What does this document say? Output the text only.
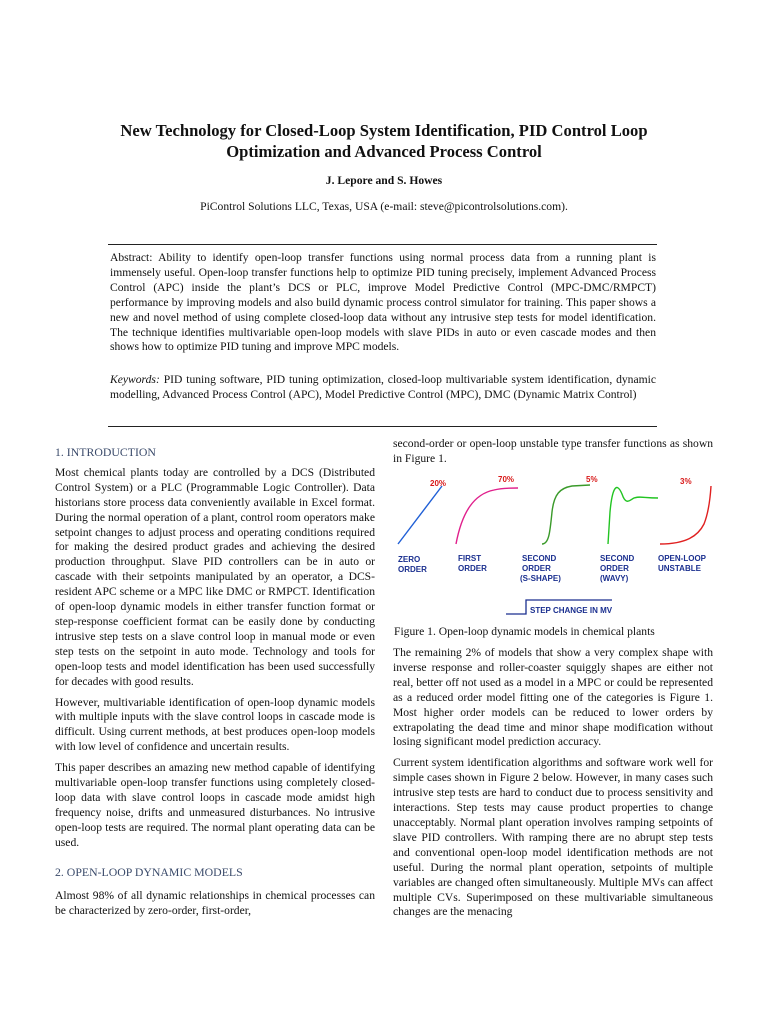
New Technology for Closed-Loop System Identification, PID Control Loop
Optimization and Advanced Process Control
J. Lepore and S. Howes
PiControl Solutions LLC, Texas, USA (e-mail: steve@picontrolsolutions.com).
Abstract: Ability to identify open-loop transfer functions using normal process data from a running plant is immensely useful. Open-loop transfer functions help to optimize PID tuning precisely, implement Advanced Process Control (APC) inside the plant’s DCS or PLC, improve Model Predictive Control (MPC-DMC/RMPCT) performance by improving models and also build dynamic process control simulator for training. This paper shows a new and novel method of using complete closed-loop data without any intrusive step tests for model identification. The technique identifies multivariable open-loop models with slave PIDs in auto or even cascade modes and then shows how to optimize PID tuning and improve MPC models.
Keywords: PID tuning software, PID tuning optimization, closed-loop multivariable system identification, dynamic modelling, Advanced Process Control (APC), Model Predictive Control (MPC), DMC (Dynamic Matrix Control)

1. INTRODUCTION

Most chemical plants today are controlled by a DCS (Distributed Control System) or a PLC (Programmable Logic Controller). Data historians store process data conveniently available in Excel format. During the normal operation of a plant, control room operators make setpoint changes to adjust process and operating conditions required for making the desired product grades and achieving the desired production throughput. Slave PID controllers can be in auto or cascade with their setpoints manipulated by an operator, a DCS-resident APC scheme or a MPC like DMC or RMPCT. Identification of open-loop dynamic models in either transfer function format or step-response coefficient format can be easily done by conducting intrusive step tests on a slave control loop in manual mode or even step tests on the setpoint in auto mode. Technology and tools for open-loop tests and model identification has been used successfully for decades with good results.

However, multivariable identification of open-loop dynamic models with multiple inputs with the slave control loops in cascade mode is difficult. Using current methods, at best produces open-loop models with low level of confidence and uncertain results.

This paper describes an amazing new method capable of identifying multivariable open-loop transfer functions using completely closed-loop data with slave control loops in cascade mode amidst high frequency noise, drifts and unmeasured disturbances. No intrusive open-loop tests are required. The normal plant operating data can be used.

2. OPEN-LOOP DYNAMIC MODELS

Almost 98% of all dynamic relationships in chemical processes can be characterized by zero-order, first-order,

second-order or open-loop unstable type transfer functions as shown in Figure 1.

20%	70%	5%	3%
ZERO
ORDER
FIRST
ORDER
SECOND
ORDER
(S-SHAPE)
SECOND
ORDER
(WAVY)
OPEN-LOOP
UNSTABLE
STEP CHANGE IN MV
Figure 1. Open-loop dynamic models in chemical plants

The remaining 2% of models that show a very complex shape with inverse response and roller-coaster squiggly shapes are either not real, better off not used as a model in a MPC or could be represented as a reduced order model fitting one of the categories is Figure 1. Most higher order models can be reduced to lower orders by extrapolating the dead time and minor shape modification without losing significant model prediction accuracy.

Current system identification algorithms and software work well for simple cases shown in Figure 2 below. However, in many cases such intrusive step tests are hard to conduct due to process sensitivity and interactions. Step tests may cause product properties to change unacceptably. Normal plant operation involves ramping setpoints of slave PID controllers. With ramping there are no abrupt step tests and conventional open-loop model identification methods are not useful. During the normal plant operation, setpoints of multiple variables are changed often simultaneously. Multiple MVs can affect multiple CVs. Superimposed on these multivariable simultaneous changes are the menacing
